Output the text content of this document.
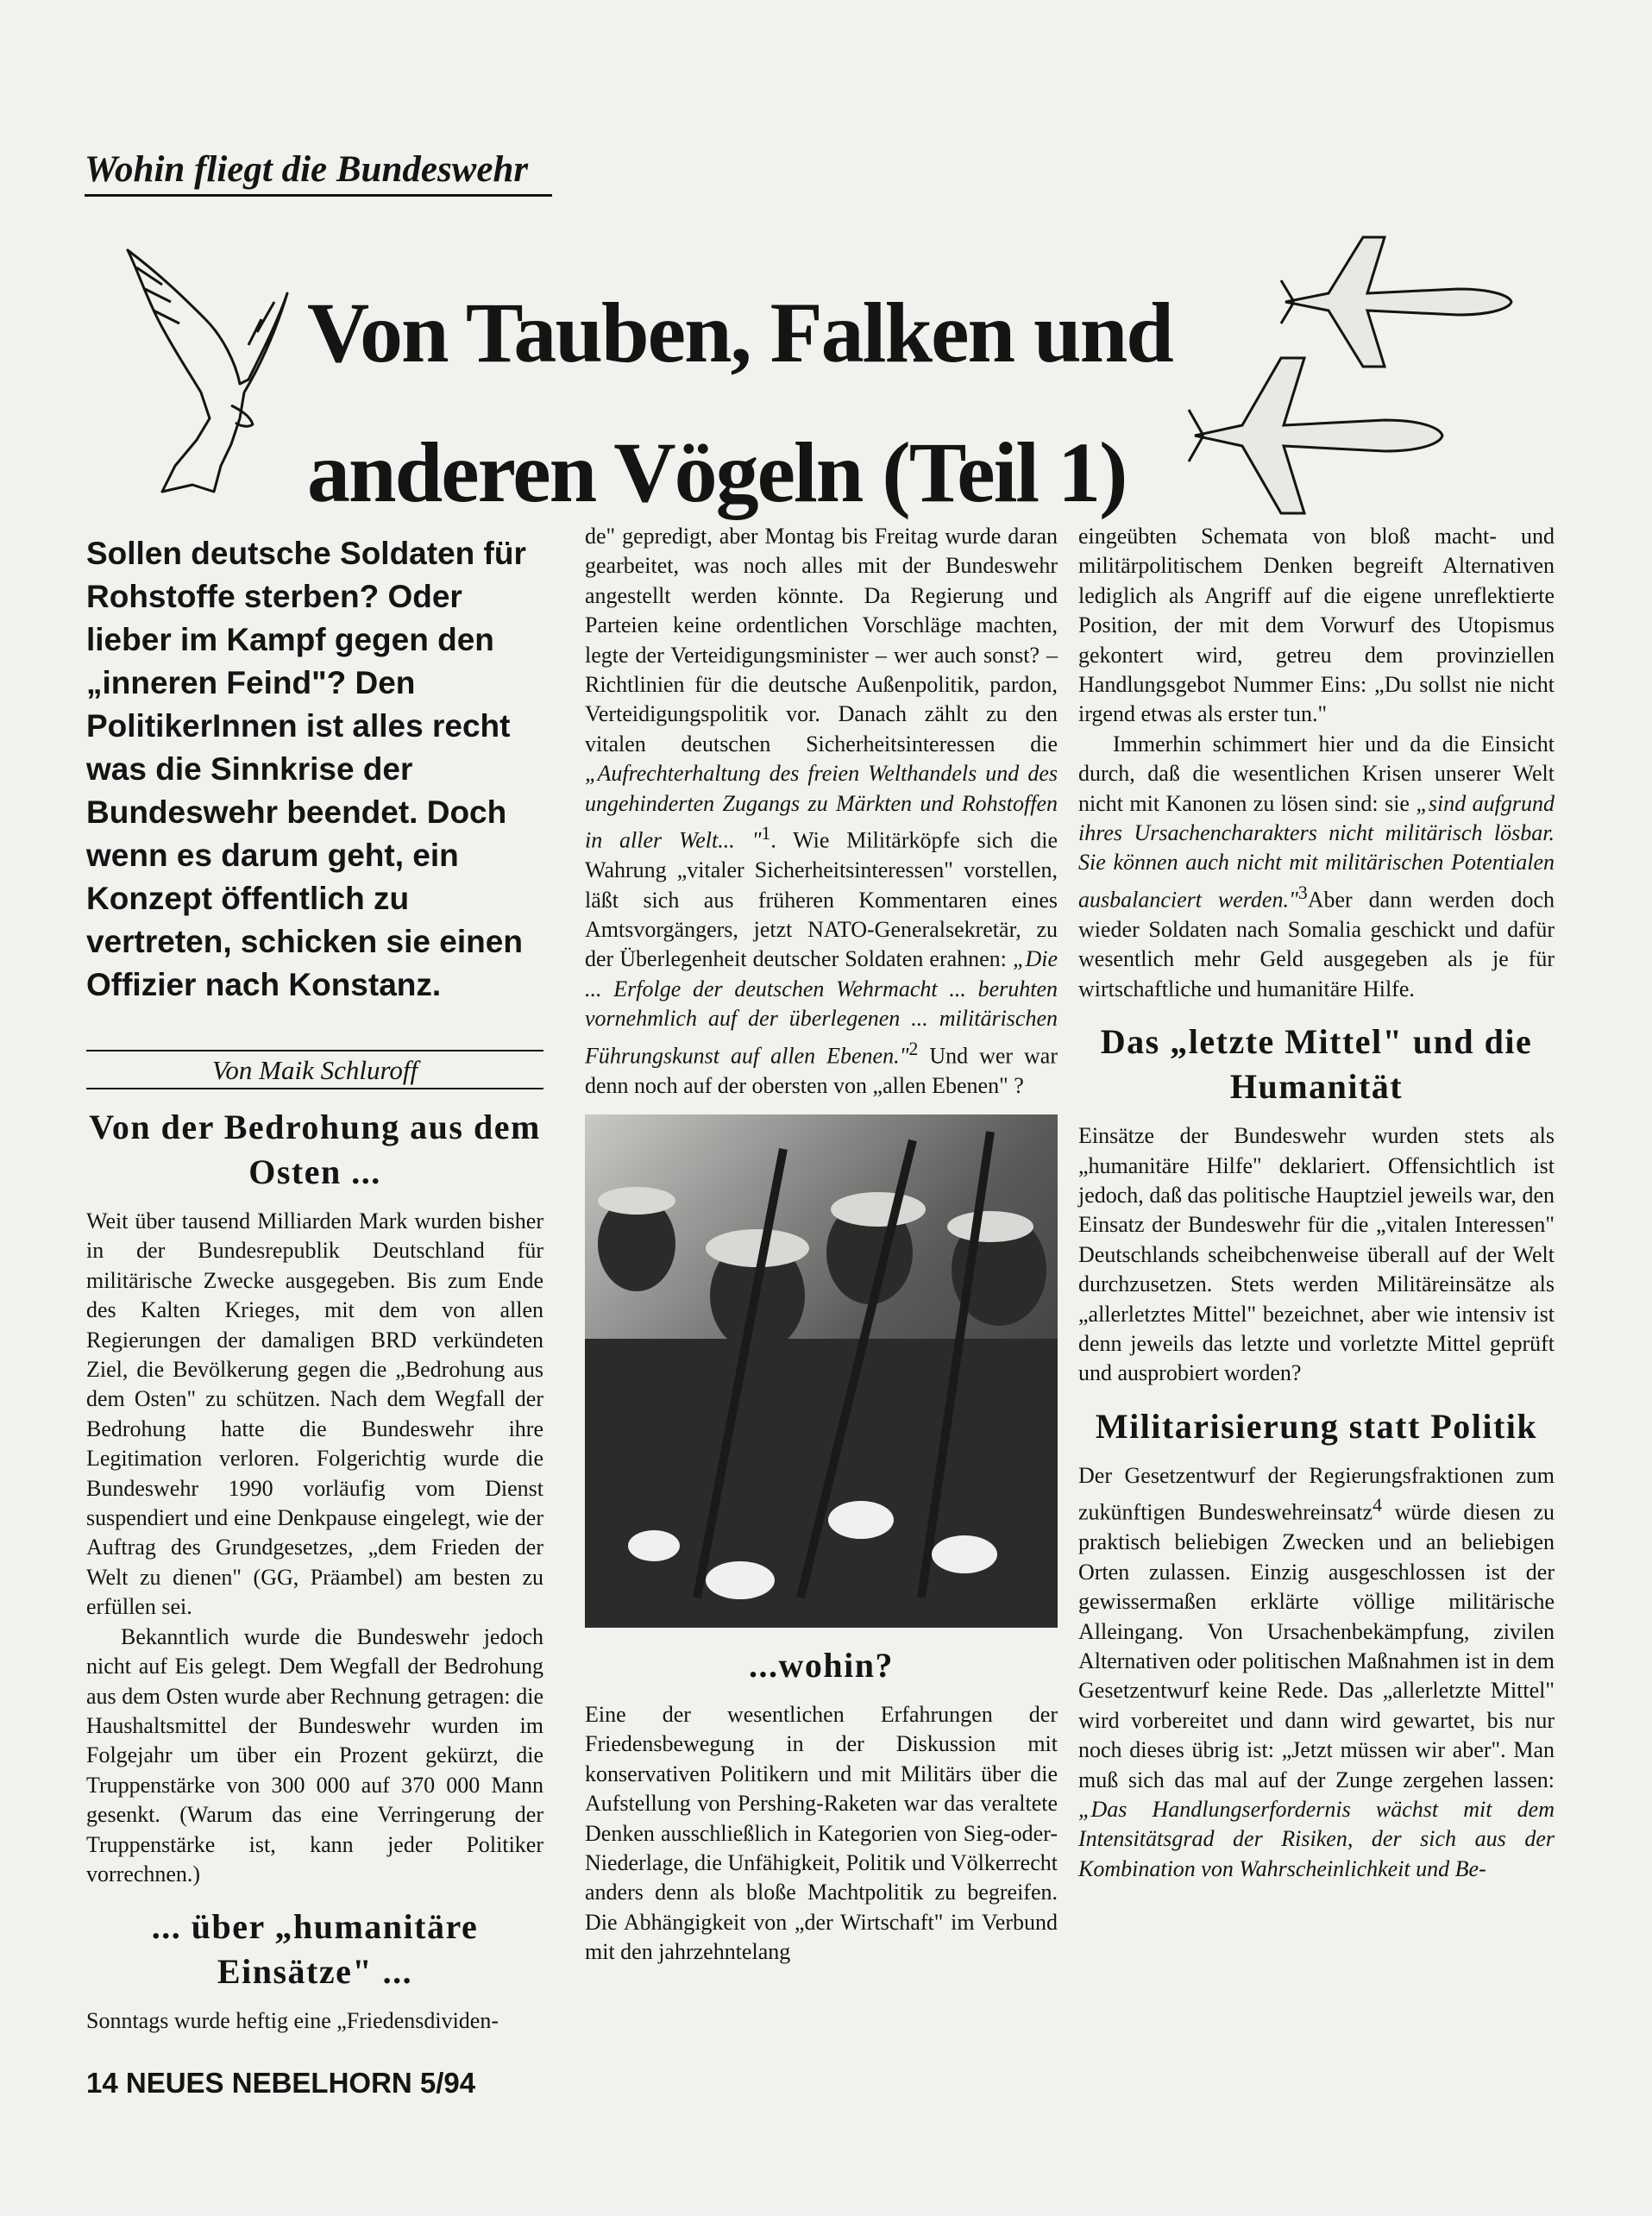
Wohin fliegt die Bundeswehr
Von Tauben, Falken und
anderen Vögeln (Teil 1)

Sollen deutsche Soldaten für Rohstoffe sterben? Oder lieber im Kampf gegen den „inneren Feind"? Den PolitikerInnen ist alles recht was die Sinnkrise der Bundeswehr beendet. Doch wenn es darum geht, ein Konzept öffentlich zu vertreten, schicken sie einen Offizier nach Konstanz.

Von Maik Schluroff
Von der Bedrohung aus dem Osten ...

Weit über tausend Milliarden Mark wurden bisher in der Bundesrepublik Deutschland für militärische Zwecke ausgegeben. Bis zum Ende des Kalten Krieges, mit dem von allen Regierungen der damaligen BRD verkündeten Ziel, die Bevölkerung gegen die „Bedrohung aus dem Osten" zu schützen. Nach dem Wegfall der Bedrohung hatte die Bundeswehr ihre Legitimation verloren. Folgerichtig wurde die Bundeswehr 1990 vorläufig vom Dienst suspendiert und eine Denkpause eingelegt, wie der Auftrag des Grundgesetzes, „dem Frieden der Welt zu dienen" (GG, Präambel) am besten zu erfüllen sei.

Bekanntlich wurde die Bundeswehr jedoch nicht auf Eis gelegt. Dem Wegfall der Bedrohung aus dem Osten wurde aber Rechnung getragen: die Haushaltsmittel der Bundeswehr wurden im Folgejahr um über ein Prozent gekürzt, die Truppenstärke von 300 000 auf 370 000 Mann gesenkt. (Warum das eine Verringerung der Truppenstärke ist, kann jeder Politiker vorrechnen.)

... über „humanitäre Einsätze" ...

Sonntags wurde heftig eine „Friedensdividen-

de" gepredigt, aber Montag bis Freitag wurde daran gearbeitet, was noch alles mit der Bundeswehr angestellt werden könnte. Da Regierung und Parteien keine ordentlichen Vorschläge machten, legte der Verteidigungsminister – wer auch sonst? – Richtlinien für die deutsche Außenpolitik, pardon, Verteidigungspolitik vor. Danach zählt zu den vitalen deutschen Sicherheitsinteressen die „Aufrechterhaltung des freien Welthandels und des ungehinderten Zugangs zu Märkten und Rohstoffen in aller Welt... "$^1$. Wie Militärköpfe sich die Wahrung „vitaler Sicherheitsinteressen" vorstellen, läßt sich aus früheren Kommentaren eines Amtsvorgängers, jetzt NATO-Generalsekretär, zu der Überlegenheit deutscher Soldaten erahnen: „Die ... Erfolge der deutschen Wehrmacht ... beruhten vornehmlich auf der überlegenen ... militärischen Führungskunst auf allen Ebenen."$^2$ Und wer war denn noch auf der obersten von „allen Ebenen" ?

...wohin?

Eine der wesentlichen Erfahrungen der Friedensbewegung in der Diskussion mit konservativen Politikern und mit Militärs über die Aufstellung von Pershing-Raketen war das veraltete Denken ausschließlich in Kategorien von Sieg-oder-Niederlage, die Unfähigkeit, Politik und Völkerrecht anders denn als bloße Machtpolitik zu begreifen. Die Abhängigkeit von „der Wirtschaft" im Verbund mit den jahrzehntelang

eingeübten Schemata von bloß macht- und militärpolitischem Denken begreift Alternativen lediglich als Angriff auf die eigene unreflektierte Position, der mit dem Vorwurf des Utopismus gekontert wird, getreu dem provinziellen Handlungsgebot Nummer Eins: „Du sollst nie nicht irgend etwas als erster tun."

Immerhin schimmert hier und da die Einsicht durch, daß die wesentlichen Krisen unserer Welt nicht mit Kanonen zu lösen sind: sie „sind aufgrund ihres Ursachencharakters nicht militärisch lösbar. Sie können auch nicht mit militärischen Potentialen ausbalanciert werden."$^3$Aber dann werden doch wieder Soldaten nach Somalia geschickt und dafür wesentlich mehr Geld ausgegeben als je für wirtschaftliche und humanitäre Hilfe.

Das „letzte Mittel" und die Humanität

Einsätze der Bundeswehr wurden stets als „humanitäre Hilfe" deklariert. Offensichtlich ist jedoch, daß das politische Hauptziel jeweils war, den Einsatz der Bundeswehr für die „vitalen Interessen" Deutschlands scheibchenweise überall auf der Welt durchzusetzen. Stets werden Militäreinsätze als „allerletztes Mittel" bezeichnet, aber wie intensiv ist denn jeweils das letzte und vorletzte Mittel geprüft und ausprobiert worden?

Militarisierung statt Politik

Der Gesetzentwurf der Regierungsfraktionen zum zukünftigen Bundeswehreinsatz$^4$ würde diesen zu praktisch beliebigen Zwecken und an beliebigen Orten zulassen. Einzig ausgeschlossen ist der gewissermaßen erklärte völlige militärische Alleingang. Von Ursachenbekämpfung, zivilen Alternativen oder politischen Maßnahmen ist in dem Gesetzentwurf keine Rede. Das „allerletzte Mittel" wird vorbereitet und dann wird gewartet, bis nur noch dieses übrig ist: „Jetzt müssen wir aber". Man muß sich das mal auf der Zunge zergehen lassen: „Das Handlungserfordernis wächst mit dem Intensitätsgrad der Risiken, der sich aus der Kombination von Wahrscheinlichkeit und Be-

14 NEUES NEBELHORN 5/94
